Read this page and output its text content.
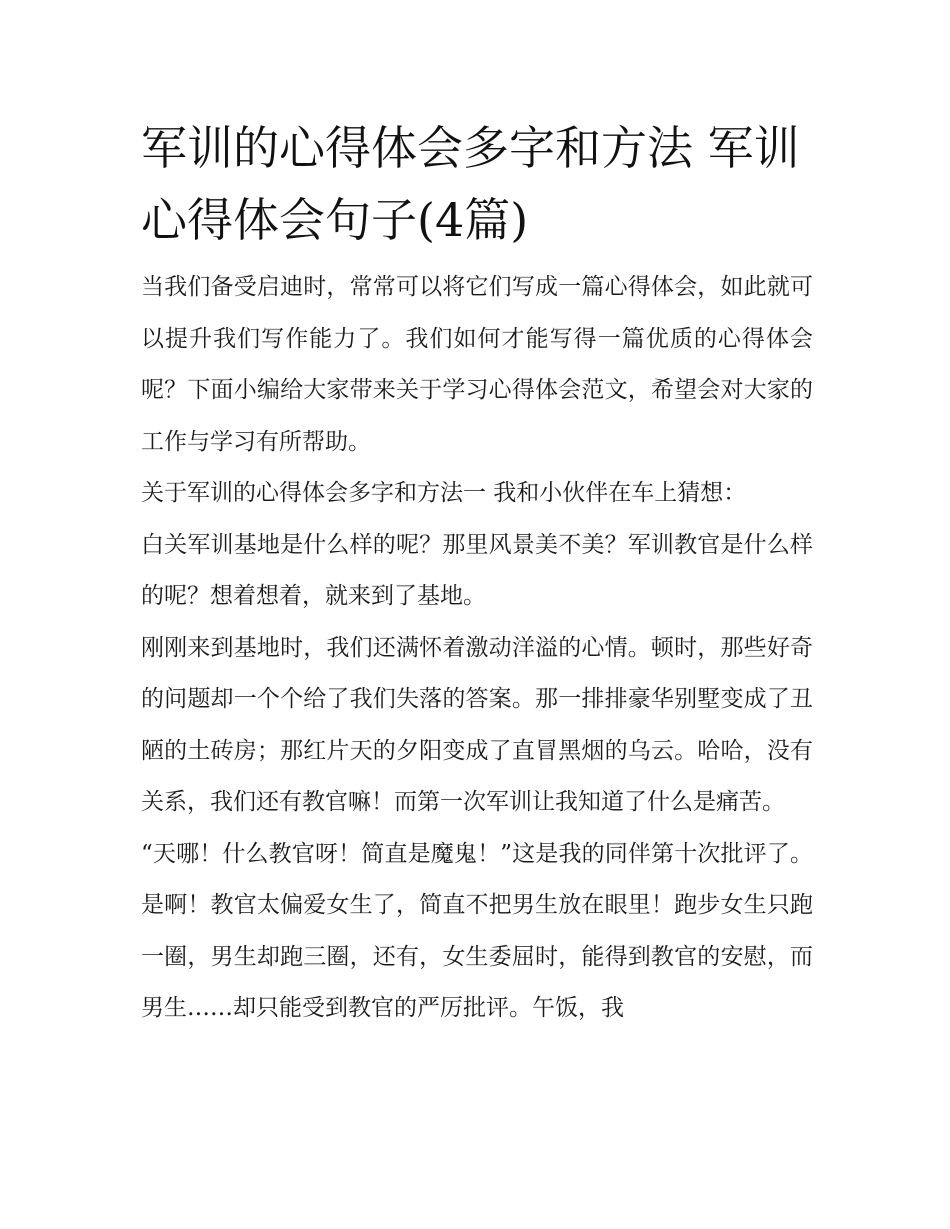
军训的心得体会多字和方法 军训心得体会句子(4篇)

当我们备受启迪时，常常可以将它们写成一篇心得体会，如此就可以提升我们写作能力了。我们如何才能写得一篇优质的心得体会呢？下面小编给大家带来关于学习心得体会范文，希望会对大家的工作与学习有所帮助。

关于军训的心得体会多字和方法一 我和小伙伴在车上猜想：

白关军训基地是什么样的呢？那里风景美不美？军训教官是什么样的呢？想着想着，就来到了基地。

刚刚来到基地时，我们还满怀着激动洋溢的心情。顿时，那些好奇的问题却一个个给了我们失落的答案。那一排排豪华别墅变成了丑陋的土砖房；那红片天的夕阳变成了直冒黑烟的乌云。哈哈，没有关系，我们还有教官嘛！而第一次军训让我知道了什么是痛苦。

“天哪！什么教官呀！简直是魔鬼！”这是我的同伴第十次批评了。是啊！教官太偏爱女生了，简直不把男生放在眼里！跑步女生只跑一圈，男生却跑三圈，还有，女生委屈时，能得到教官的安慰，而男生……却只能受到教官的严厉批评。午饭，我
